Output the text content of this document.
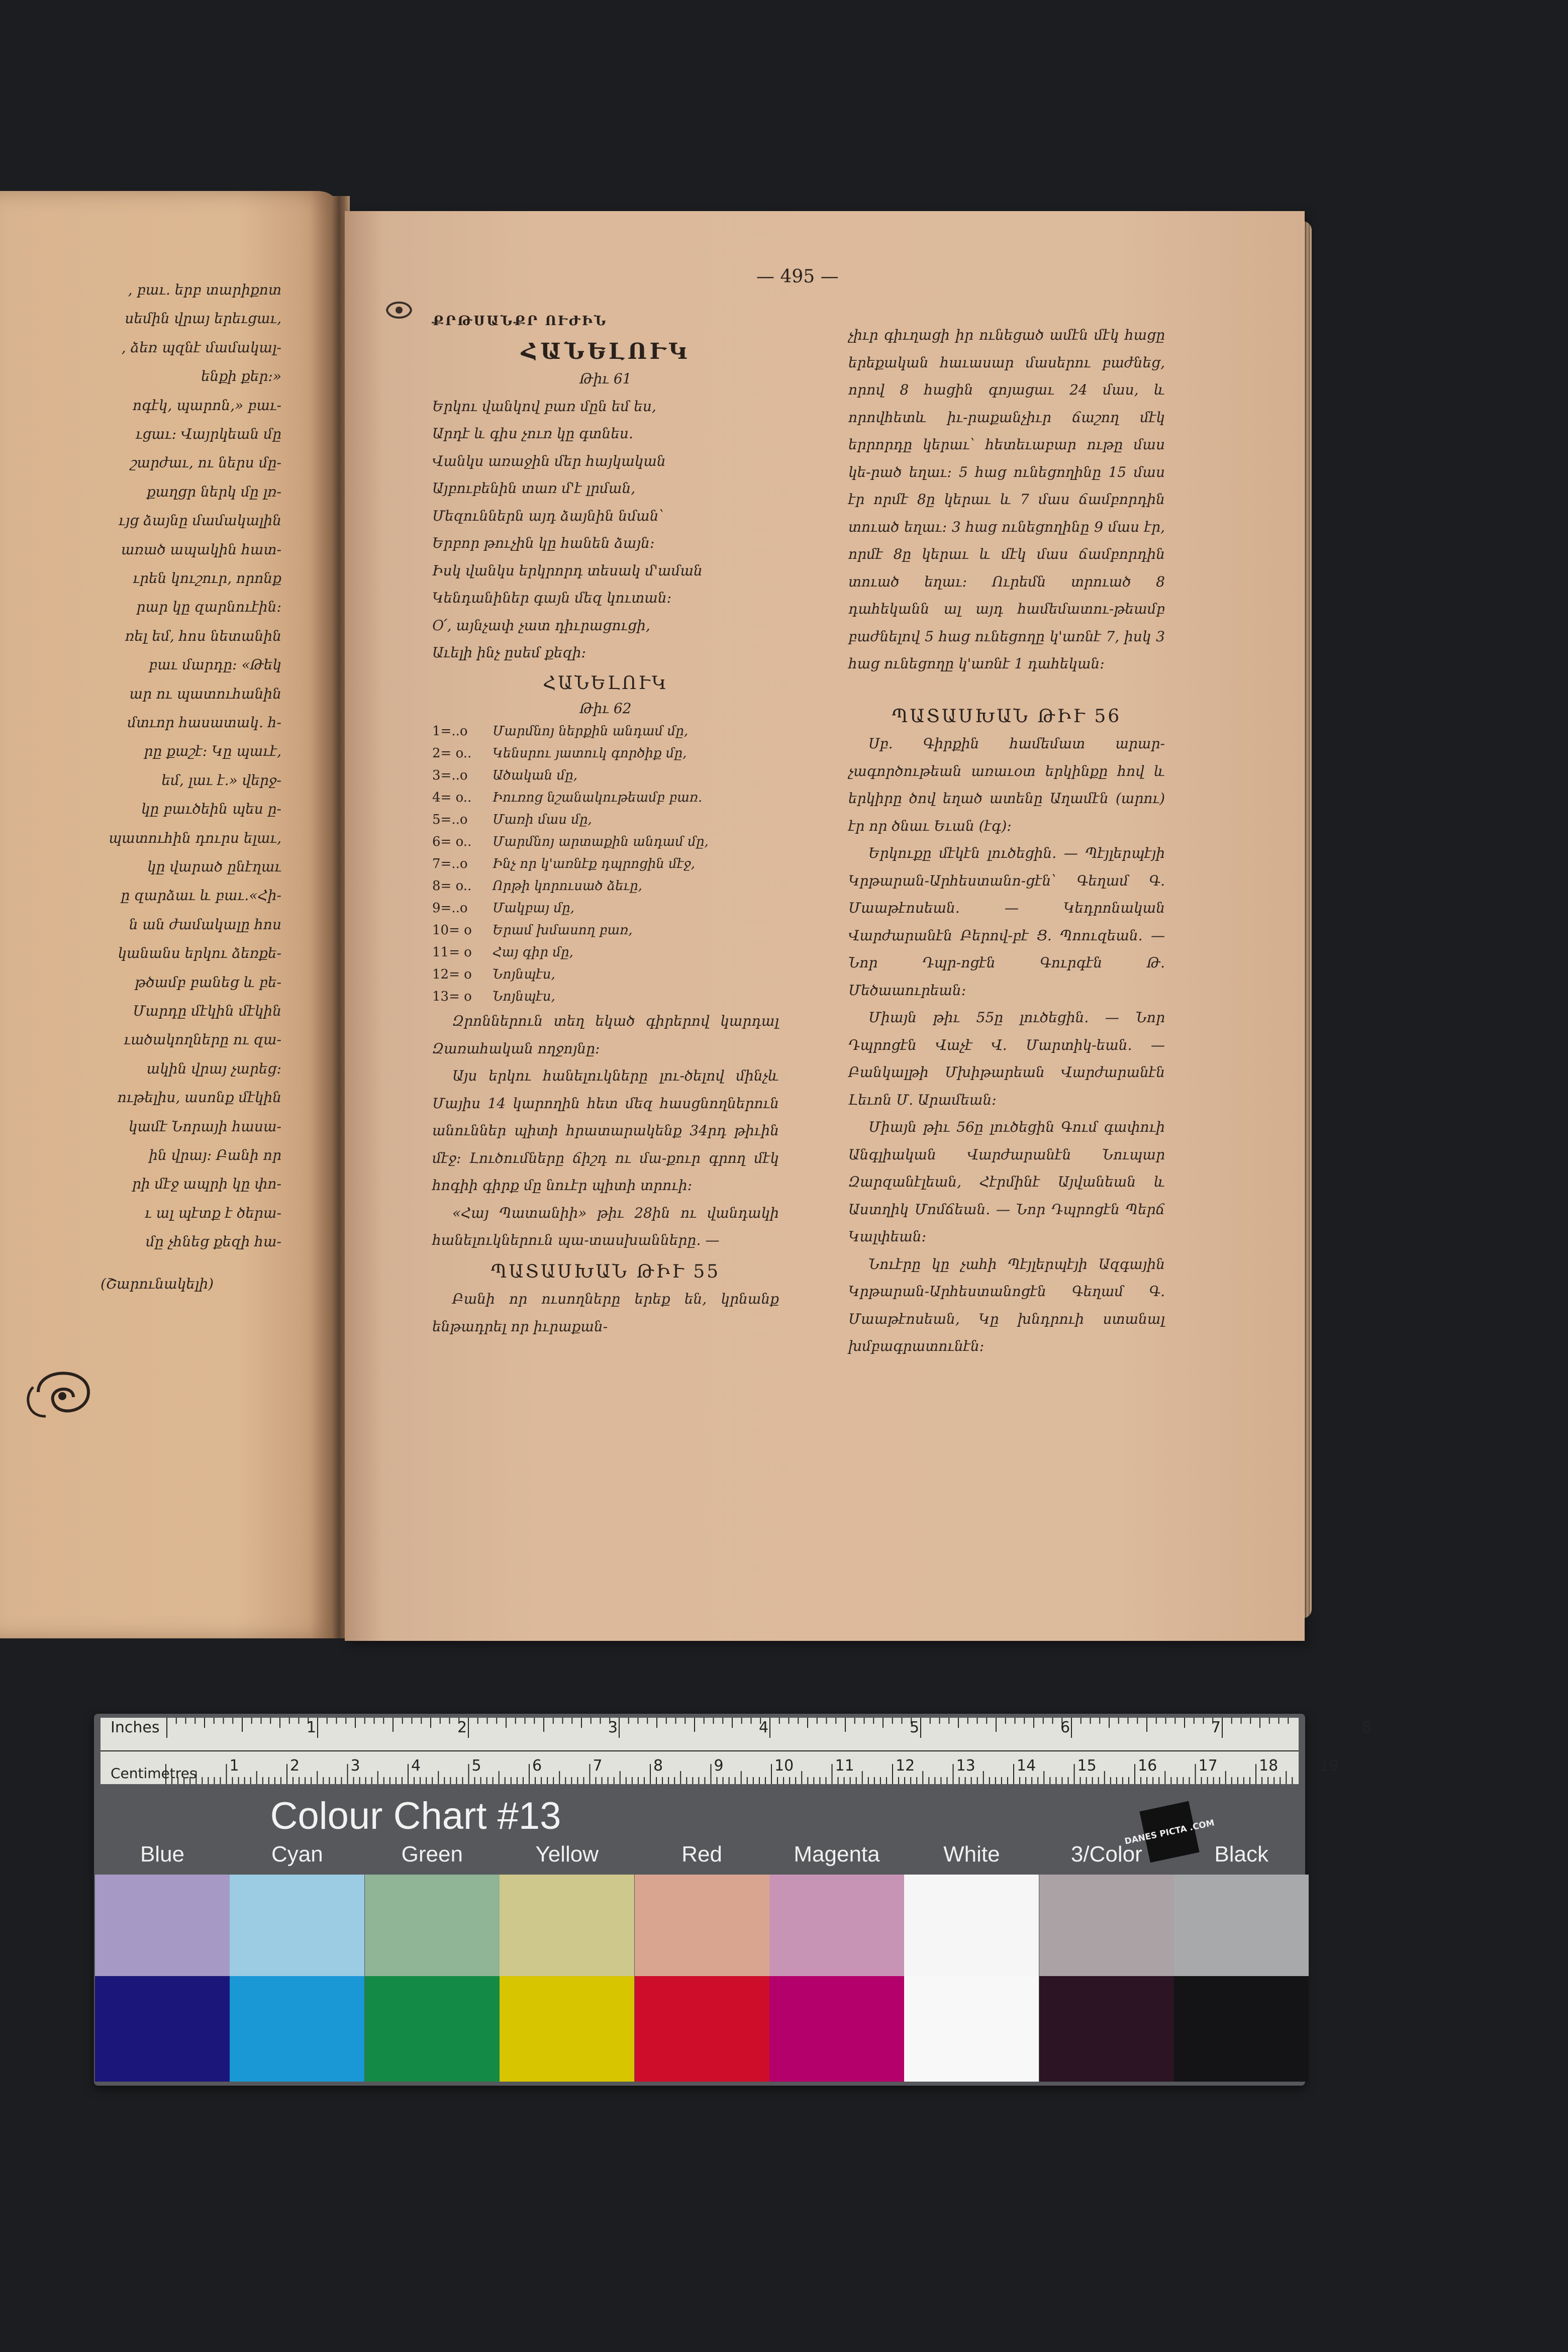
, բաւ. երբ տարիքոտ
սեմին վրայ երեւցաւ,
, ձեռ պզնէ մամակալ-
ենքի քեր։»
ոգէկ, պարոն,» բաւ-
ւցաւ։ Վայրկեան մը
շարժաւ, ու ներս մը-
քաղցր ներկ մը լռ-
ւյց ձայնը մամակալին
առած ապակին հատ-
ւրեն կուշուր, որոնք
րար կը զարնուէին։
ռել եմ, հոս նետանին
բաւ մարդը։ «Թեկ
ար ու պատուհանին
մտւոր հասատակ. հ-
րը քաշէ։ Կը պաւէ,
եմ, լաւ է.» վերջ-
կը բաւծեին պես ը-
պատուհին դուրս ելաւ,
կը վարած ընէղաւ
ը զարձաւ և բաւ․«Հի-
ն ան ժամակալը հոս
կանանս երկու ձեռքե-
թծամբ բանեց և բե-
Մարդը մէկին մէկին
ւածակողները ու զա-
ակին վրայ չարեց։
ութելիս, ասոնք մէկին
կամէ Նորայի հասա-
ին վրայ։ Բանի որ
րի մէջ ապրի կը փո-
ւ ալ պէտք է ծերա-
մը չհնեց քեզի հա-
(Շարունակելի)
— 495 —

ՔՐԹՍԱՆՔՐ ՈՒԺԻՆ

ՀԱՆԵԼՈՒԿ

Թիւ 61

Երկու վանկով բառ մըն եմ ես,

Արդէ և գիս չուռ կը գտնես.

Վանկս առաջին մեր հայկական

Այբուբենին տառ մ'է լրման,

Մեզուններն այդ ձայնին նման՝

Երբոր թուչին կը հանեն ձայն։

Իսկ վանկս երկրորդ տեսակ մ'աման

Կենդանիներ գայն մեզ կուտան։

Օ՛, այնչափ չատ դիւրացուցի,

Աւելի ինչ ըսեմ քեզի։

ՀԱՆԵԼՈՒԿ

Թիւ 62

1=..o	Մարմնոյ ներքին անդամ մը,
2= o..	Կենսրու յատուկ գործիք մը,
3=..o	Ածական մը,
4= o..	Իուռոց նշանակութեամբ բառ.
5=..o	Մառի մաս մը,
6= o..	Մարմնոյ արտաքին անդամ մը,
7=..o	Ինչ որ կ'առնէք դպրոցին մէջ,
8= o..	Որթի կորուսած ձեւը,
9=..o	Մակբայ մը,
10= o	Երամ խմասող բառ,
11= o	Հայ գիր մը,
12= o	Նոյնպէս,
13= o	Նոյնպէս,

Զրոններուն տեղ եկած գիրերով կարդալ Զառահական ողջոյնը։

Այս երկու հանելուկները լու-ծելով մինչև Մայիս 14 կարողին հետ մեզ հասցնողներուն անուններ պիտի հրատարակենք 34րդ թիւին մէջ։ Լուծումները ճիշդ ու մա-քուր գրող մէկ հոգիի գիրք մը նուէր պիտի տրուի։

«Հայ Պատանիի» թիւ 28ին ու վանդակի հանելուկներուն պա-տասխանները․ —

ՊԱՏԱՍԽԱՆ ԹԻՒ 55

Բանի որ ուսողները երեք են, կրնանք ենթադրել որ իւրաքան-

չիւր գիւղացի իր ունեցած ամէն մէկ հացը երեքական հաւասար մասերու բաժնեց, որով 8 հացին գոյացաւ 24 մաս, և որովհետև իւ-րաքանչիւր ճաշող մէկ երրորդը կերաւ՝ հետեւաբար ութը մաս կե-րած եղաւ։ 5 հաց ունեցողինը 15 մաս էր որմէ 8ը կերաւ և 7 մաս ճամբորդին տուած եղաւ։ 3 հաց ունեցողինը 9 մաս էր, որմէ 8ը կերաւ և մէկ մաս ճամբորդին տուած եղաւ։ Ուրեմն տրուած 8 դահեկանն ալ այդ համեմատու-թեամբ բաժնելով 5 հաց ունեցողը կ'առնէ 7, իսկ 3 հաց ունեցողը կ'առնէ 1 դահեկան։

ՊԱՏԱՍԽԱՆ ԹԻՒ 56

Սբ. Գիրքին համեմատ արար-չագործութեան առաւօտ երկինքը հով և երկիրը ծով եղած ատենը Աղամէն (արու) էր որ ծնաւ Եւան (էգ)։

Երկուքը մէկէն լուծեցին. — Պէյլերպէյի Կրթարան-Արհեստանո-ցէն՝ Գեղամ Գ. Մաաթէոսեան. — Կեդրոնական Վարժարանէն Բերով-բէ Ց. Պոուզեան. — Նոր Դպր-ոցէն Գուրգէն Թ. Մեծաաուրեան։

Միայն թիւ 55ը լուծեցին. — Նոր Դպրոցէն Վաչէ Վ. Մարտիկ-եան. — Բանկալթի Մխիթարեան Վարժարանէն Լեւոն Մ. Արամեան։

Միայն թիւ 56ը լուծեցին Գում գափուի Անգլիական Վարժարանէն Նուպար Զարզանէլեան, Հէրմինէ Այվանեան և Աստղիկ Մոմճեան. — Նոր Դպրոցէն Պերճ Կալփեան։

Նուէրը կը չահի Պէյլերպէյի Ազգային Կրթարան-Արհեստանոցէն Գեղամ Գ. Մաաթէոսեան, Կը խնդրուի ստանալ խմբագրատունէն։

Inches
Centimetres
1	2	3	4	5	6	7	8
1	2	3	4	5	6	7	8	9	10	11	12	13	14	15	16	17	18	19
Colour Chart #13	DANES PICTA .COM
Blue	Cyan	Green	Yellow	Red	Magenta	White	3/Color	Black
